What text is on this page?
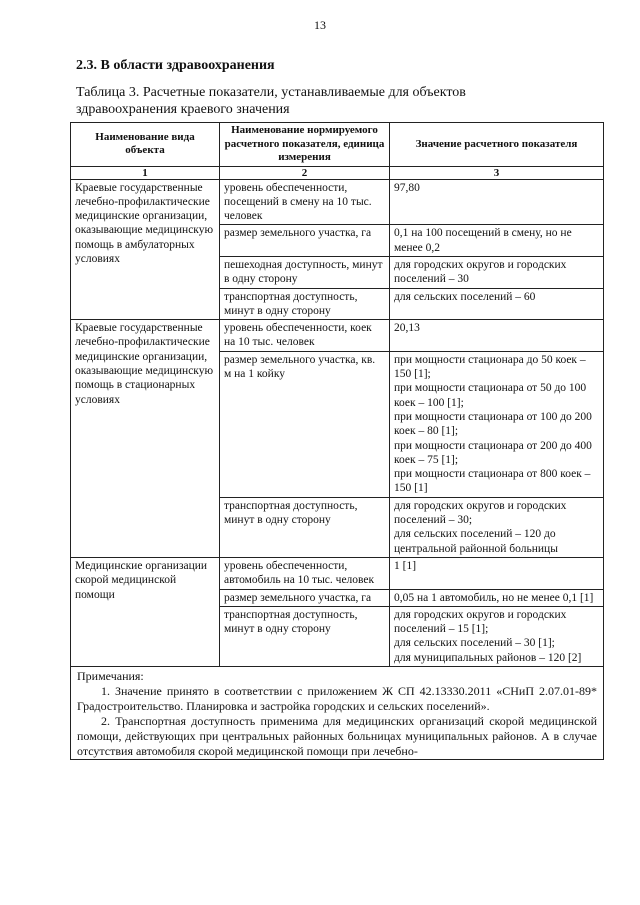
13
2.3. В области здравоохранения
Таблица 3. Расчетные показатели, устанавливаемые для объектов здравоохранения краевого значения
Наименование вида объекта	Наименование нормируемого расчетного показателя, единица измерения	Значение расчетного показателя
1	2	3
Краевые государственные лечебно-профилактические медицинские организации, оказывающие медицинскую помощь в амбулаторных условиях	уровень обеспеченности, посещений в смену на 10 тыс. человек	97,80
	размер земельного участка, га	0,1 на 100 посещений в смену, но не менее 0,2
	пешеходная доступность, минут в одну сторону	для городских округов и городских поселений – 30
	транспортная доступность, минут в одну сторону	для сельских поселений – 60
Краевые государственные лечебно-профилактические медицинские организации, оказывающие медицинскую помощь в стационарных условиях	уровень обеспеченности, коек на 10 тыс. человек	20,13
	размер земельного участка, кв. м на 1 койку	при мощности стационара до 50 коек – 150 [1];
при мощности стационара от 50 до 100 коек – 100 [1];
при мощности стационара от 100 до 200 коек – 80 [1];
при мощности стационара от 200 до 400 коек – 75 [1];
при мощности стационара от 800 коек – 150 [1]
	транспортная доступность, минут в одну сторону	для городских округов и городских поселений – 30;
для сельских поселений – 120 до центральной районной больницы
Медицинские организации скорой медицинской помощи	уровень обеспеченности, автомобиль на 10 тыс. человек	1 [1]
	размер земельного участка, га	0,05 на 1 автомобиль, но не менее 0,1 [1]
	транспортная доступность, минут в одну сторону	для городских округов и городских поселений – 15 [1];
для сельских поселений – 30 [1];
для муниципальных районов – 120 [2]

Примечания:
1. Значение принято в соответствии с приложением Ж СП 42.13330.2011 «СНиП 2.07.01-89* Градостроительство. Планировка и застройка городских и сельских поселений».
2. Транспортная доступность применима для медицинских организаций скорой медицинской помощи, действующих при центральных районных больницах муниципальных районов. А в случае отсутствия автомобиля скорой медицинской помощи при лечебно-		
